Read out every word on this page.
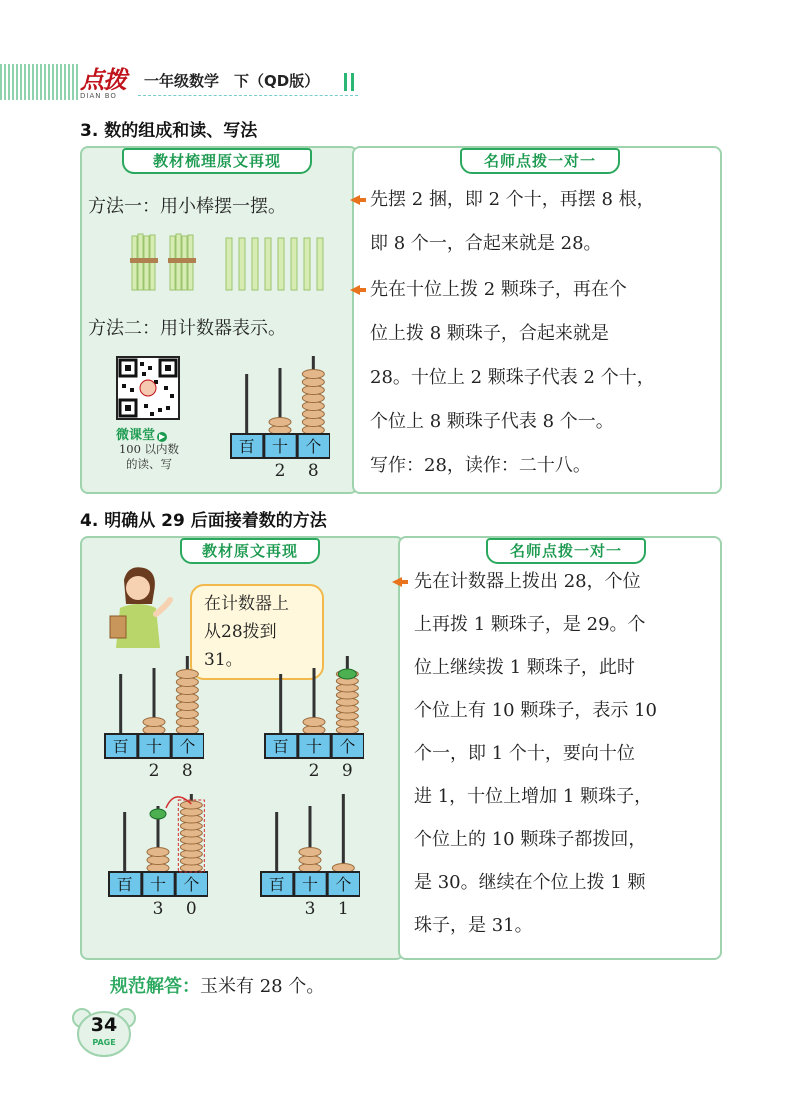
点拨
DIAN BO
一年级数学　下（QD版）
3. 数的组成和读、写法
教材梳理原文再现	名师点拨一对一
方法一：用小棒摆一摆。
方法二：用计数器表示。
微课堂 ▶
100 以内数
的读、写
百 十 个
2 8
先摆 2 捆，即 2 个十，再摆 8 根，
即 8 个一，合起来就是 28。
先在十位上拨 2 颗珠子，再在个
位上拨 8 颗珠子，合起来就是
28。十位上 2 颗珠子代表 2 个十，
个位上 8 颗珠子代表 8 个一。
写作：28，读作：二十八。
4. 明确从 29 后面接着数的方法
教材原文再现	名师点拨一对一
在计数器上
从28拨到31。
百 十 个
2 8
百 十 个
2 9
百 十 个
3 0
百 十 个
3 1
先在计数器上拨出 28，个位
上再拨 1 颗珠子，是 29。个
位上继续拨 1 颗珠子，此时
个位上有 10 颗珠子，表示 10
个一，即 1 个十，要向十位
进 1，十位上增加 1 颗珠子，
个位上的 10 颗珠子都拨回，
是 30。继续在个位上拨 1 颗
珠子，是 31。
规范解答：玉米有 28 个。
34
PAGE
